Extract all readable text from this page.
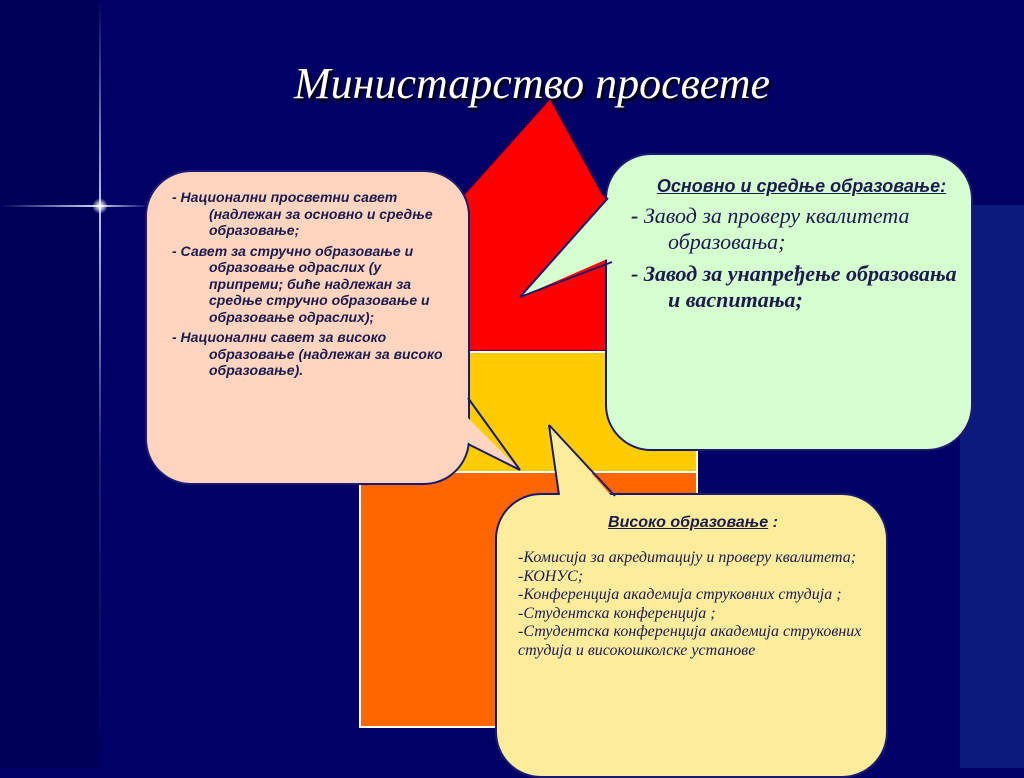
Министарство просвете
- Национални просветни савет (надлежан за основно и средње образовање;
- Савет за стручно образовање и образовање одраслих (у припреми; биће надлежан за средње стручно образовање и образовање одраслих);
- Национални савет за високо образовање (надлежан за високо образовање).
Основно и средње образовање:
- Завод за проверу квалитета образовања;
- Завод за унапређење образовања и васпитања;
Високо образовање :
-Комисија за акредитацију и проверу квалитета;
-КОНУС;
-Конференција академија струковних студија ;
-Студентска конференција ;
-Студентска конференција академија струковних студија и високошколске установе
